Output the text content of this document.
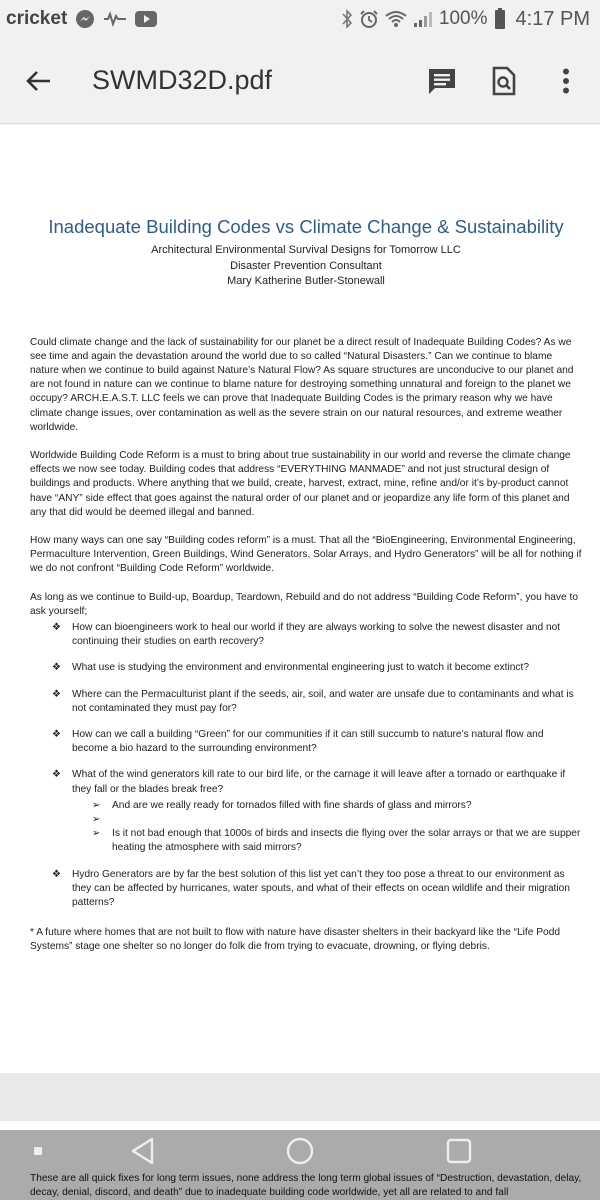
cricket	100% 4:17 PM
SWMD32D.pdf
Inadequate Building Codes vs Climate Change & Sustainability
Architectural Environmental Survival Designs for Tomorrow LLC
Disaster Prevention Consultant
Mary Katherine Butler-Stonewall

Could climate change and the lack of sustainability for our planet be a direct result of Inadequate Building Codes? As we see time and again the devastation around the world due to so called “Natural Disasters.” Can we continue to blame nature when we continue to build against Nature’s Natural Flow? As square structures are unconducive to our planet and are not found in nature can we continue to blame nature for destroying something unnatural and foreign to the planet we occupy? ARCH.E.A.S.T. LLC feels we can prove that Inadequate Building Codes is the primary reason why we have climate change issues, over contamination as well as the severe strain on our natural resources, and extreme weather worldwide.

Worldwide Building Code Reform is a must to bring about true sustainability in our world and reverse the climate change effects we now see today. Building codes that address “EVERYTHING MANMADE” and not just structural design of buildings and products. Where anything that we build, create, harvest, extract, mine, refine and/or it’s by-product cannot have “ANY” side effect that goes against the natural order of our planet and or jeopardize any life form of this planet and any that did would be deemed illegal and banned.

How many ways can one say “Building codes reform” is a must. That all the “BioEngineering, Environmental Engineering, Permaculture Intervention, Green Buildings, Wind Generators, Solar Arrays, and Hydro Generators” will be all for nothing if we do not confront “Building Code Reform” worldwide.

As long as we continue to Build-up, Boardup, Teardown, Rebuild and do not address “Building Code Reform”, you have to ask yourself;

❖	How can bioengineers work to heal our world if they are always working to solve the newest disaster and not continuing their studies on earth recovery?
❖	What use is studying the environment and environmental engineering just to watch it become extinct?
❖	Where can the Permaculturist plant if the seeds, air, soil, and water are unsafe due to contaminants and what is not contaminated they must pay for?
❖	How can we call a building “Green” for our communities if it can still succumb to nature’s natural flow and become a bio hazard to the surrounding environment?
❖	What of the wind generators kill rate to our bird life, or the carnage it will leave after a tornado or earthquake if they fall or the blades break free?
➢	And are we really ready for tornados filled with fine shards of glass and mirrors?
➢
➢	Is it not bad enough that 1000s of birds and insects die flying over the solar arrays or that we are supper heating the atmosphere with said mirrors?
❖	Hydro Generators are by far the best solution of this list yet can’t they too pose a threat to our environment as they can be affected by hurricanes, water spouts, and what of their effects on ocean wildlife and their migration patterns?

* A future where homes that are not built to flow with nature have disaster shelters in their backyard like the “Life Podd Systems” stage one shelter so no longer do folk die from trying to evacuate, drowning, or flying debris.

These are all quick fixes for long term issues, none address the long term global issues of “Destruction, devastation, delay, decay, denial, discord, and death” due to inadequate building code worldwide, yet all are related to and fall
